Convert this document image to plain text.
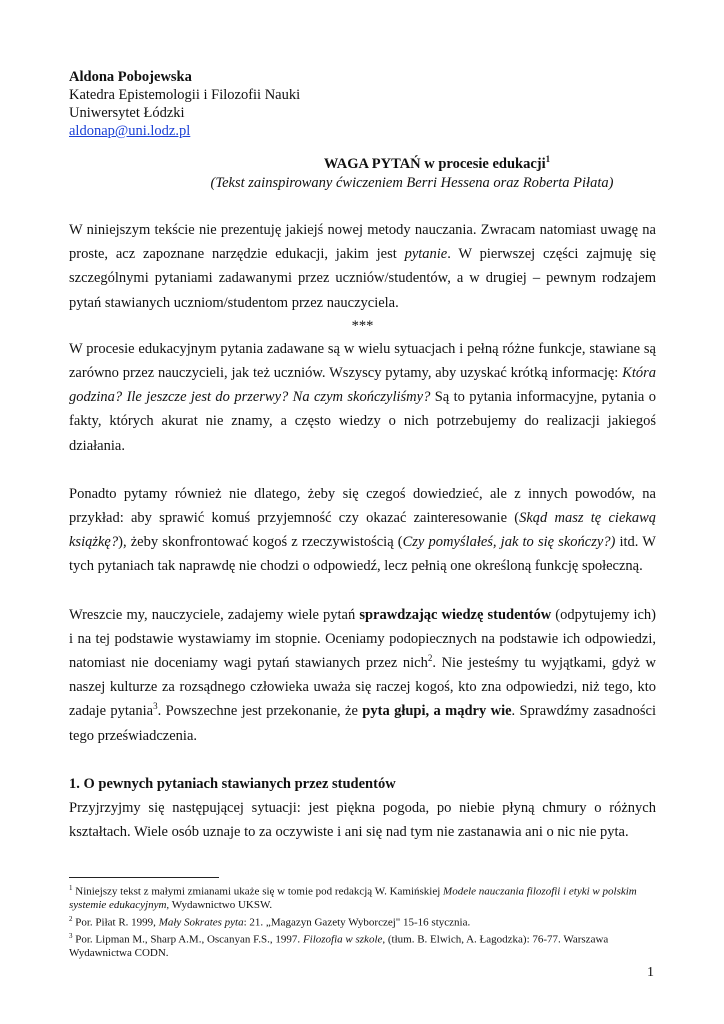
Aldona Pobojewska
Katedra Epistemologii i Filozofii Nauki
Uniwersytet Łódzki
aldonap@uni.lodz.pl
WAGA PYTAŃ w procesie edukacji$^1$
(Tekst zainspirowany ćwiczeniem Berri Hessena oraz Roberta Piłata)

W niniejszym tekście nie prezentuję jakiejś nowej metody nauczania. Zwracam natomiast uwagę na proste, acz zapoznane narzędzie edukacji, jakim jest pytanie. W pierwszej części zajmuję się szczególnymi pytaniami zadawanymi przez uczniów/studentów, a w drugiej – pewnym rodzajem pytań stawianych uczniom/studentom przez nauczyciela.

***

W procesie edukacyjnym pytania zadawane są w wielu sytuacjach i pełną różne funkcje, stawiane są zarówno przez nauczycieli, jak też uczniów. Wszyscy pytamy, aby uzyskać krótką informację: Która godzina? Ile jeszcze jest do przerwy? Na czym skończyliśmy? Są to pytania informacyjne, pytania o fakty, których akurat nie znamy, a często wiedzy o nich potrzebujemy do realizacji jakiegoś działania.

Ponadto pytamy również nie dlatego, żeby się czegoś dowiedzieć, ale z innych powodów, na przykład: aby sprawić komuś przyjemność czy okazać zainteresowanie (Skąd masz tę ciekawą książkę?), żeby skonfrontować kogoś z rzeczywistością (Czy pomyślałeś, jak to się skończy?) itd. W tych pytaniach tak naprawdę nie chodzi o odpowiedź, lecz pełnią one określoną funkcję społeczną.

Wreszcie my, nauczyciele, zadajemy wiele pytań sprawdzając wiedzę studentów (odpytujemy ich) i na tej podstawie wystawiamy im stopnie. Oceniamy podopiecznych na podstawie ich odpowiedzi, natomiast nie doceniamy wagi pytań stawianych przez nich$^2$. Nie jesteśmy tu wyjątkami, gdyż w naszej kulturze za rozsądnego człowieka uważa się raczej kogoś, kto zna odpowiedzi, niż tego, kto zadaje pytania$^3$. Powszechne jest przekonanie, że pyta głupi, a mądry wie. Sprawdźmy zasadności tego przeświadczenia.

1. O pewnych pytaniach stawianych przez studentów

Przyjrzyjmy się następującej sytuacji: jest piękna pogoda, po niebie płyną chmury o różnych kształtach. Wiele osób uznaje to za oczywiste i ani się nad tym nie zastanawia ani o nic nie pyta.

$^1$ Niniejszy tekst z małymi zmianami ukaże się w tomie pod redakcją W. Kamińskiej Modele nauczania filozofii i etyki w polskim systemie edukacyjnym, Wydawnictwo UKSW.

$^2$ Por. Piłat R. 1999, Mały Sokrates pyta: 21. „Magazyn Gazety Wyborczej" 15-16 stycznia.

$^3$ Por. Lipman M., Sharp A.M., Oscanyan F.S., 1997. Filozofia w szkole, (tłum. B. Elwich, A. Łagodzka): 76-77. Warszawa Wydawnictwa CODN.

1
